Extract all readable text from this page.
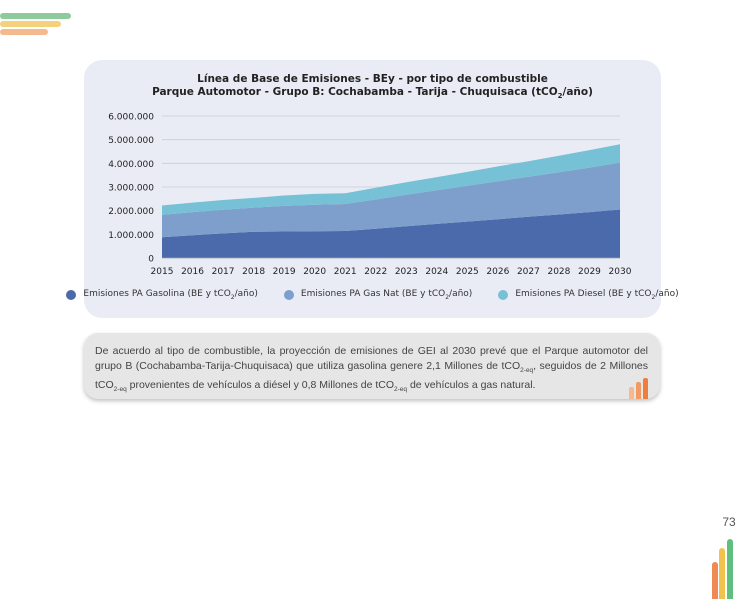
Línea de Base de Emisiones - BEy - por tipo de combustible
Parque Automotor - Grupo B: Cochabamba - Tarija - Chuquisaca (tCO$_2$/año)
0
1.000.000
2.000.000
3.000.000
4.000.000
5.000.000
6.000.000
2015 2016 2017 2018 2019 2020 2021 2022 2023 2024 2025 2026 2027 2028 2029 2030
Emisiones PA Gasolina (BE y tCO$_2$/año)	Emisiones PA Gas Nat (BE y tCO$_2$/año)	Emisiones PA Diesel (BE y tCO$_2$/año)
De acuerdo al tipo de combustible, la proyección de emisiones de GEI al 2030 prevé que el Parque automotor del grupo B (Cochabamba-Tarija-Chuquisaca) que utiliza gasolina genere 2,1 Millones de tCO$_{2-eq}$, seguidos de 2 Millones tCO$_{2-eq}$ provenientes de vehículos a diésel y 0,8 Millones de tCO$_{2-eq}$ de vehículos a gas natural.
73
